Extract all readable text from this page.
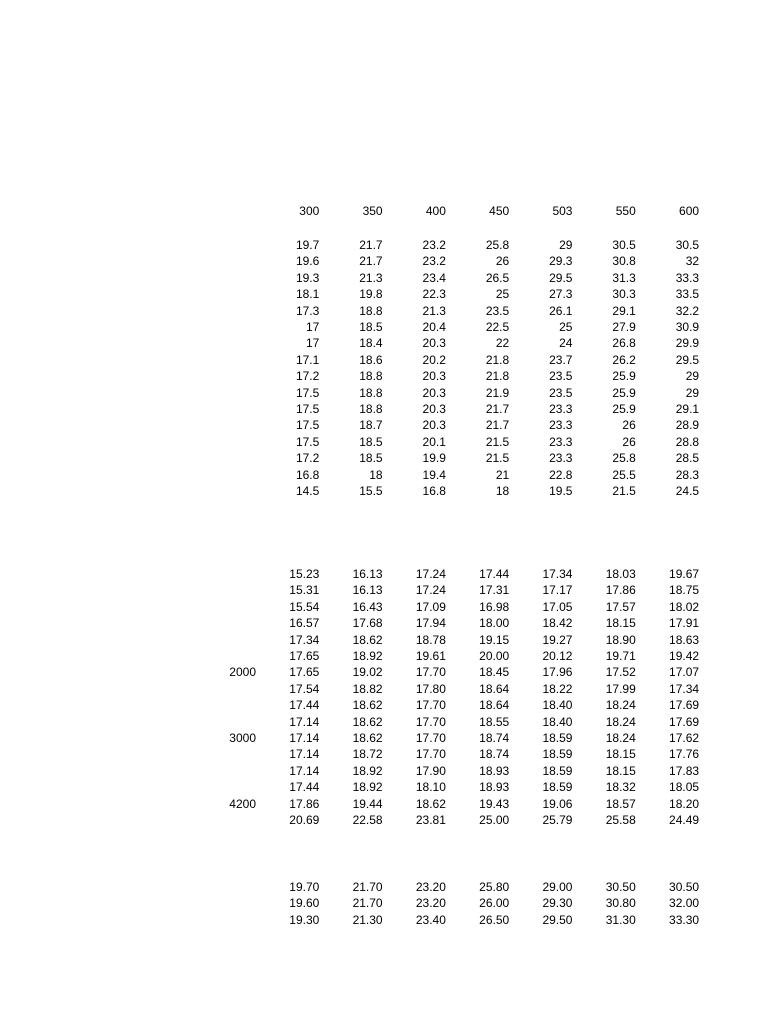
	300	350	400	450	503	550	600
	19.7	21.7	23.2	25.8	29	30.5	30.5
	19.6	21.7	23.2	26	29.3	30.8	32
	19.3	21.3	23.4	26.5	29.5	31.3	33.3
	18.1	19.8	22.3	25	27.3	30.3	33.5
	17.3	18.8	21.3	23.5	26.1	29.1	32.2
	17	18.5	20.4	22.5	25	27.9	30.9
	17	18.4	20.3	22	24	26.8	29.9
	17.1	18.6	20.2	21.8	23.7	26.2	29.5
	17.2	18.8	20.3	21.8	23.5	25.9	29
	17.5	18.8	20.3	21.9	23.5	25.9	29
	17.5	18.8	20.3	21.7	23.3	25.9	29.1
	17.5	18.7	20.3	21.7	23.3	26	28.9
	17.5	18.5	20.1	21.5	23.3	26	28.8
	17.2	18.5	19.9	21.5	23.3	25.8	28.5
	16.8	18	19.4	21	22.8	25.5	28.3
	14.5	15.5	16.8	18	19.5	21.5	24.5
	15.23	16.13	17.24	17.44	17.34	18.03	19.67
	15.31	16.13	17.24	17.31	17.17	17.86	18.75
	15.54	16.43	17.09	16.98	17.05	17.57	18.02
	16.57	17.68	17.94	18.00	18.42	18.15	17.91
	17.34	18.62	18.78	19.15	19.27	18.90	18.63
	17.65	18.92	19.61	20.00	20.12	19.71	19.42
2000	17.65	19.02	17.70	18.45	17.96	17.52	17.07
	17.54	18.82	17.80	18.64	18.22	17.99	17.34
	17.44	18.62	17.70	18.64	18.40	18.24	17.69
	17.14	18.62	17.70	18.55	18.40	18.24	17.69
3000	17.14	18.62	17.70	18.74	18.59	18.24	17.62
	17.14	18.72	17.70	18.74	18.59	18.15	17.76
	17.14	18.92	17.90	18.93	18.59	18.15	17.83
	17.44	18.92	18.10	18.93	18.59	18.32	18.05
4200	17.86	19.44	18.62	19.43	19.06	18.57	18.20
	20.69	22.58	23.81	25.00	25.79	25.58	24.49
	19.70	21.70	23.20	25.80	29.00	30.50	30.50
	19.60	21.70	23.20	26.00	29.30	30.80	32.00
	19.30	21.30	23.40	26.50	29.50	31.30	33.30
